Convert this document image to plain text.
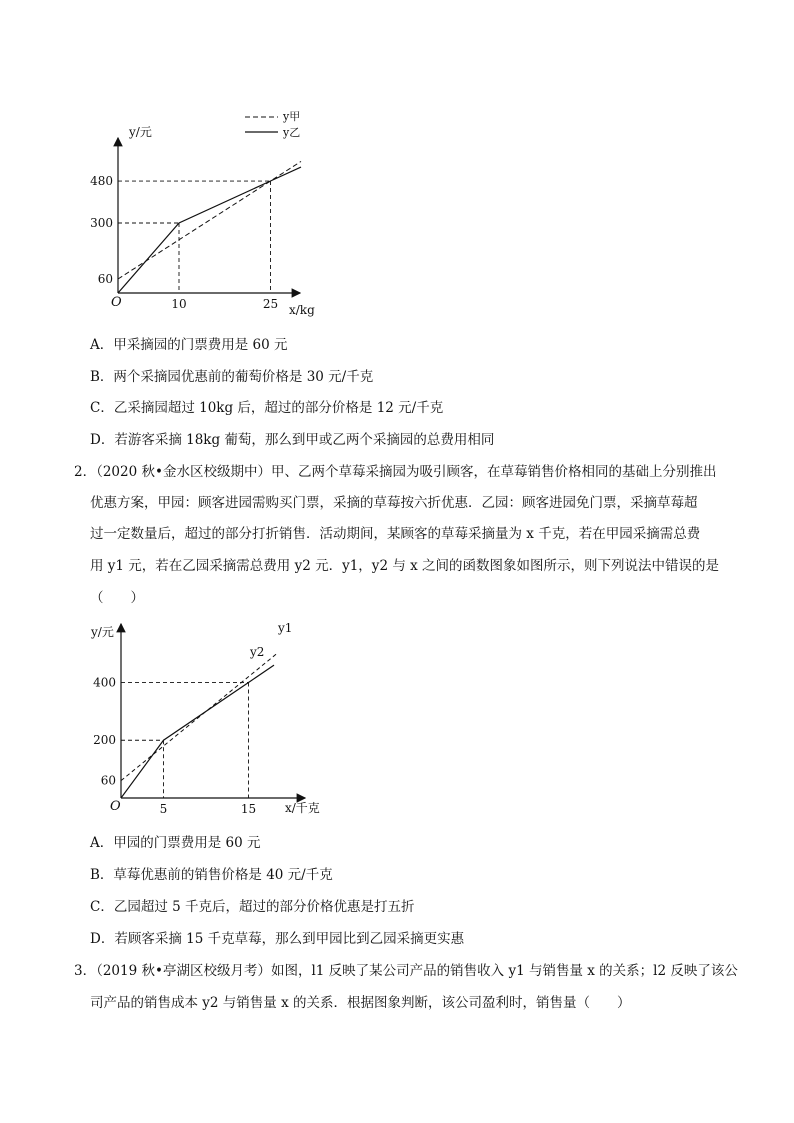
10	25
60
300
480
O
y/元
x/kg
y甲
y乙
A．甲采摘园的门票费用是 60 元
B．两个采摘园优惠前的葡萄价格是 30 元/千克
C．乙采摘园超过 10kg 后，超过的部分价格是 12 元/千克
D．若游客采摘 18kg 葡萄，那么到甲或乙两个采摘园的总费用相同
2．（2020 秋•金水区校级期中）甲、乙两个草莓采摘园为吸引顾客，在草莓销售价格相同的基础上分别推出
优惠方案，甲园：顾客进园需购买门票，采摘的草莓按六折优惠．乙园：顾客进园免门票，采摘草莓超
过一定数量后，超过的部分打折销售．活动期间，某顾客的草莓采摘量为 x 千克，若在甲园采摘需总费
用 y1 元，若在乙园采摘需总费用 y2 元．y1，y2 与 x 之间的函数图象如图所示，则下列说法中错误的是
（　　）
5	15
60
200
400
O
y/元
x/千克
y1
y2
A．甲园的门票费用是 60 元
B．草莓优惠前的销售价格是 40 元/千克
C．乙园超过 5 千克后，超过的部分价格优惠是打五折
D．若顾客采摘 15 千克草莓，那么到甲园比到乙园采摘更实惠
3．（2019 秋•亭湖区校级月考）如图，l1 反映了某公司产品的销售收入 y1 与销售量 x 的关系；l2 反映了该公
司产品的销售成本 y2 与销售量 x 的关系．根据图象判断，该公司盈利时，销售量（　　）
